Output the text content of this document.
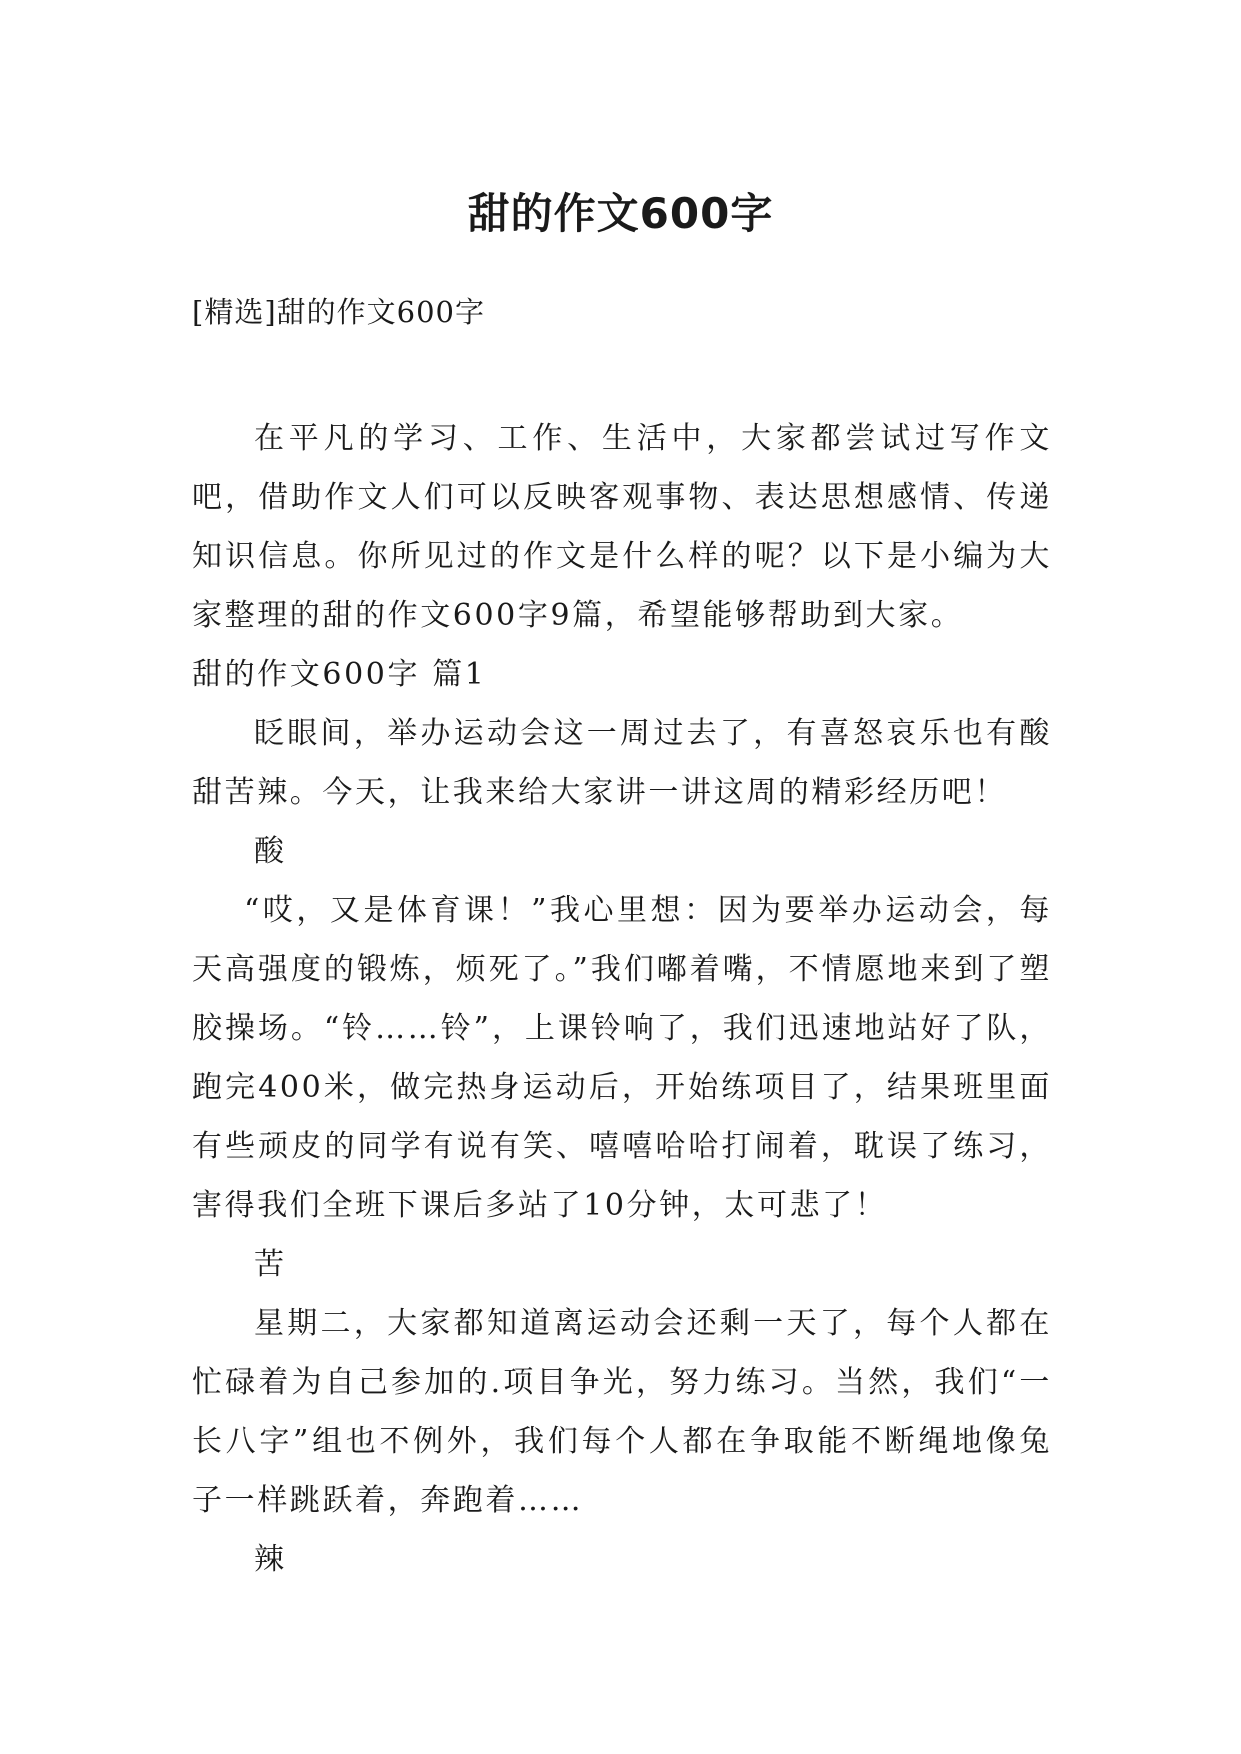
甜的作文600字
[精选]甜的作文600字

在平凡的学习、工作、生活中，大家都尝试过写作文吧，借助作文人们可以反映客观事物、表达思想感情、传递知识信息。你所见过的作文是什么样的呢？以下是小编为大家整理的甜的作文600字9篇，希望能够帮助到大家。

甜的作文600字 篇1

眨眼间，举办运动会这一周过去了，有喜怒哀乐也有酸甜苦辣。今天，让我来给大家讲一讲这周的精彩经历吧！

酸

“哎，又是体育课！”我心里想：因为要举办运动会，每天高强度的锻炼，烦死了。”我们嘟着嘴，不情愿地来到了塑胶操场。“铃……铃”，上课铃响了，我们迅速地站好了队，跑完400米，做完热身运动后，开始练项目了，结果班里面有些顽皮的同学有说有笑、嘻嘻哈哈打闹着，耽误了练习，害得我们全班下课后多站了10分钟，太可悲了！

苦

星期二，大家都知道离运动会还剩一天了，每个人都在忙碌着为自己参加的.项目争光，努力练习。当然，我们“一长八字”组也不例外，我们每个人都在争取能不断绳地像兔子一样跳跃着，奔跑着……

辣
